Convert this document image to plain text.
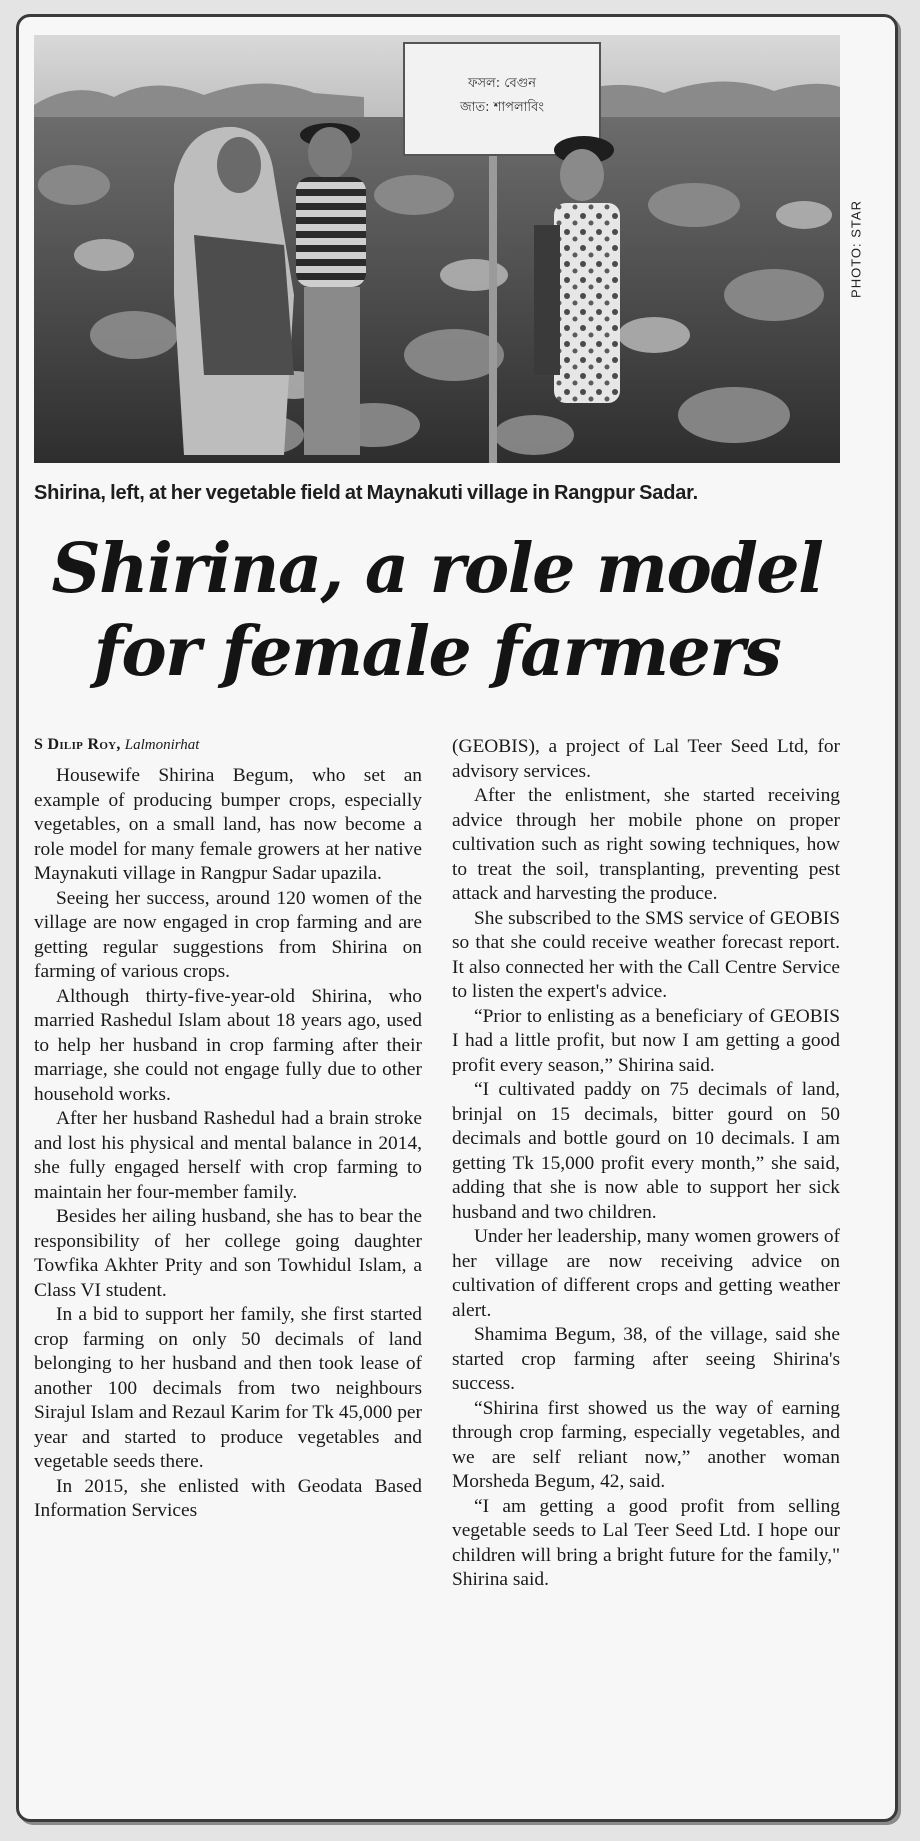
ফসল: বেগুন
জাত: শাপলাবিং
PHOTO: STAR
Shirina, left, at her vegetable field at Maynakuti village in Rangpur Sadar.
Shirina, a role model
for female farmers
S Dilip Roy, Lalmonirhat

Housewife Shirina Begum, who set an example of producing bumper crops, especially vegetables, on a small land, has now become a role model for many female growers at her native Maynakuti village in Rangpur Sadar upazila.

Seeing her success, around 120 women of the village are now engaged in crop farming and are getting regular suggestions from Shirina on farming of various crops.

Although thirty-five-year-old Shirina, who married Rashedul Islam about 18 years ago, used to help her husband in crop farming after their marriage, she could not engage fully due to other household works.

After her husband Rashedul had a brain stroke and lost his physical and mental balance in 2014, she fully engaged herself with crop farming to maintain her four-member family.

Besides her ailing husband, she has to bear the responsibility of her college going daughter Towfika Akhter Prity and son Towhidul Islam, a Class VI student.

In a bid to support her family, she first started crop farming on only 50 decimals of land belonging to her husband and then took lease of another 100 decimals from two neighbours Sirajul Islam and Rezaul Karim for Tk 45,000 per year and started to produce vegetables and vegetable seeds there.

In 2015, she enlisted with Geodata Based Information Services

(GEOBIS), a project of Lal Teer Seed Ltd, for advisory services.

After the enlistment, she started receiving advice through her mobile phone on proper cultivation such as right sowing techniques, how to treat the soil, transplanting, preventing pest attack and harvesting the produce.

She subscribed to the SMS service of GEOBIS so that she could receive weather forecast report. It also connected her with the Call Centre Service to listen the expert's advice.

“Prior to enlisting as a beneficiary of GEOBIS I had a little profit, but now I am getting a good profit every season,” Shirina said.

“I cultivated paddy on 75 decimals of land, brinjal on 15 decimals, bitter gourd on 50 decimals and bottle gourd on 10 decimals. I am getting Tk 15,000 profit every month,” she said, adding that she is now able to support her sick husband and two children.

Under her leadership, many women growers of her village are now receiving advice on cultivation of different crops and getting weather alert.

Shamima Begum, 38, of the village, said she started crop farming after seeing Shirina's success.

“Shirina first showed us the way of earning through crop farming, especially vegetables, and we are self reliant now,” another woman Morsheda Begum, 42, said.

“I am getting a good profit from selling vegetable seeds to Lal Teer Seed Ltd. I hope our children will bring a bright future for the family," Shirina said.
